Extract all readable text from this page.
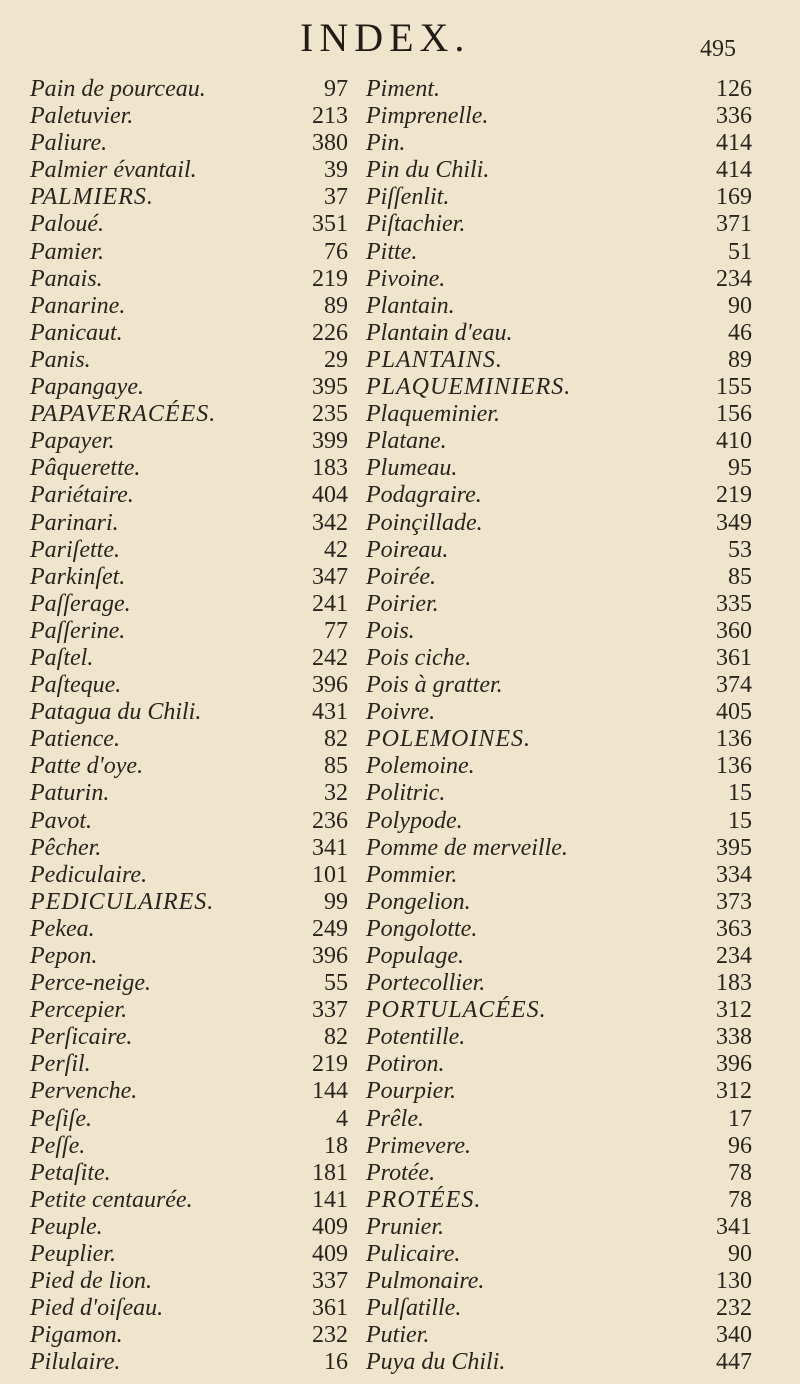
INDEX.	495
Pain de pourceau.
Paletuvier.
Paliure.
Palmier évantail.
PALMIERS.
Paloué.
Pamier.
Panais.
Panarine.
Panicaut.
Panis.
Papangaye.
PAPAVERACÉES.
Papayer.
Pâquerette.
Pariétaire.
Parinari.
Pariſette.
Parkinſet.
Paſſerage.
Paſſerine.
Paſtel.
Paſteque.
Patagua du Chili.
Patience.
Patte d'oye.
Paturin.
Pavot.
Pêcher.
Pediculaire.
PEDICULAIRES.
Pekea.
Pepon.
Perce-neige.
Percepier.
Perſicaire.
Perſil.
Pervenche.
Peſiſe.
Peſſe.
Petaſite.
Petite centaurée.
Peuple.
Peuplier.
Pied de lion.
Pied d'oiſeau.
Pigamon.
Pilulaire.
97
213
380
39
37
351
76
219
89
226
29
395
235
399
183
404
342
42
347
241
77
242
396
431
82
85
32
236
341
101
99
249
396
55
337
82
219
144
4
18
181
141
409
409
337
361
232
16
Piment.
Pimprenelle.
Pin.
Pin du Chili.
Piſſenlit.
Piſtachier.
Pitte.
Pivoine.
Plantain.
Plantain d'eau.
PLANTAINS.
PLAQUEMINIERS.
Plaqueminier.
Platane.
Plumeau.
Podagraire.
Poinçillade.
Poireau.
Poirée.
Poirier.
Pois.
Pois ciche.
Pois à gratter.
Poivre.
POLEMOINES.
Polemoine.
Politric.
Polypode.
Pomme de merveille.
Pommier.
Pongelion.
Pongolotte.
Populage.
Portecollier.
PORTULACÉES.
Potentille.
Potiron.
Pourpier.
Prêle.
Primevere.
Protée.
PROTÉES.
Prunier.
Pulicaire.
Pulmonaire.
Pulſatille.
Putier.
Puya du Chili.
126
336
414
414
169
371
51
234
90
46
89
155
156
410
95
219
349
53
85
335
360
361
374
405
136
136
15
15
395
334
373
363
234
183
312
338
396
312
17
96
78
78
341
90
130
232
340
447
